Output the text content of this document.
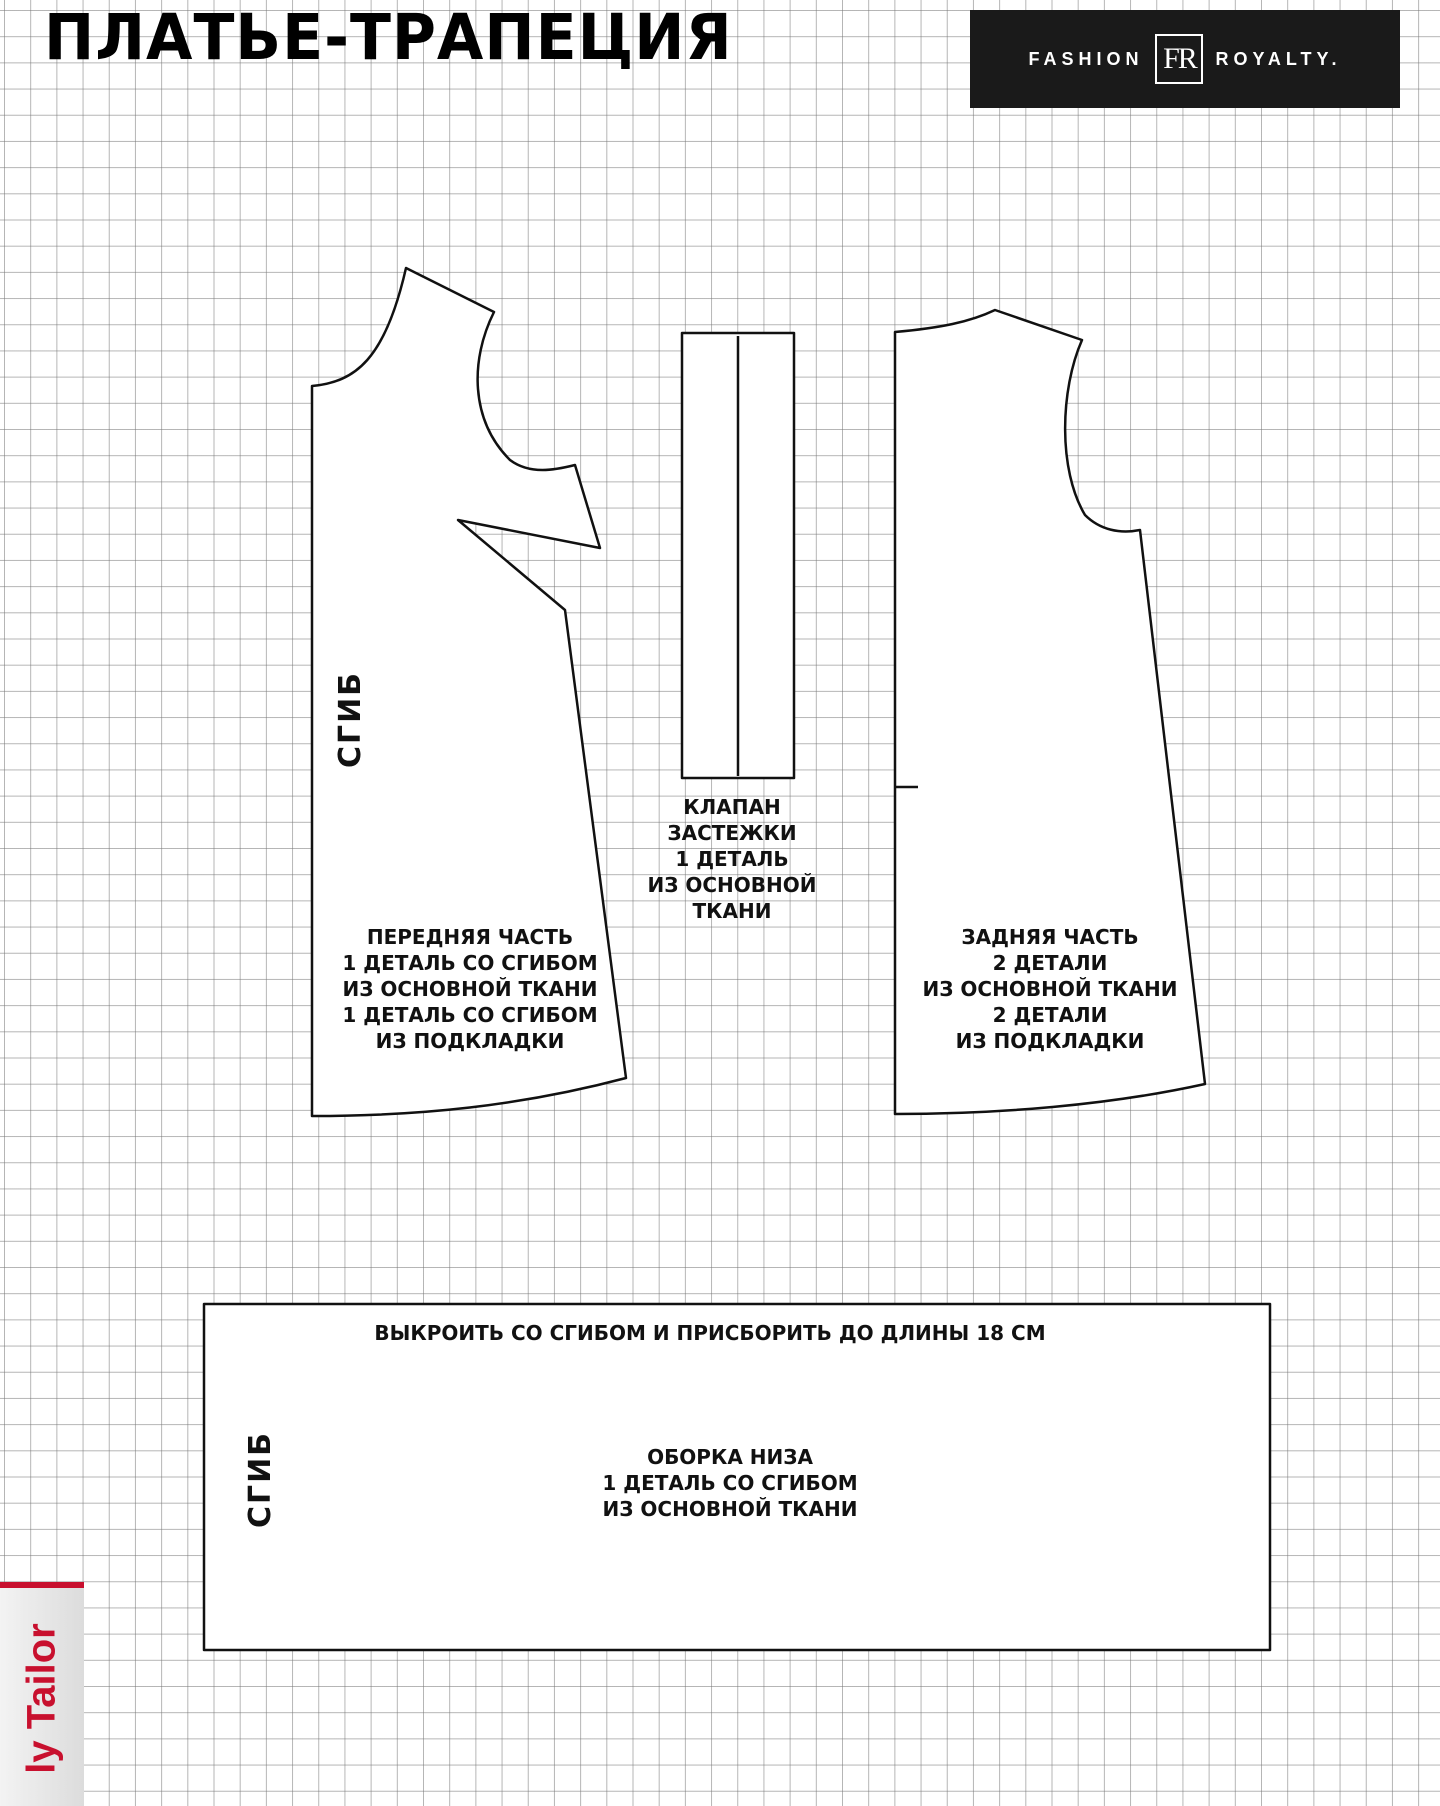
ПЛАТЬЕ-ТРАПЕЦИЯ	FASHION FR	ROYALTY.
СГИБ
ПЕРЕДНЯЯ ЧАСТЬ
1 ДЕТАЛЬ СО СГИБОМ
ИЗ ОСНОВНОЙ ТКАНИ
1 ДЕТАЛЬ СО СГИБОМ
ИЗ ПОДКЛАДКИ
КЛАПАН
ЗАСТЕЖКИ
1 ДЕТАЛЬ
ИЗ ОСНОВНОЙ
ТКАНИ
ЗАДНЯЯ ЧАСТЬ
2 ДЕТАЛИ
ИЗ ОСНОВНОЙ ТКАНИ
2 ДЕТАЛИ
ИЗ ПОДКЛАДКИ
ВЫКРОИТЬ СО СГИБОМ И ПРИСБОРИТЬ ДО ДЛИНЫ 18 СМ
СГИБ	ОБОРКА НИЗА
1 ДЕТАЛЬ СО СГИБОМ
ИЗ ОСНОВНОЙ ТКАНИ
ly Tailor
